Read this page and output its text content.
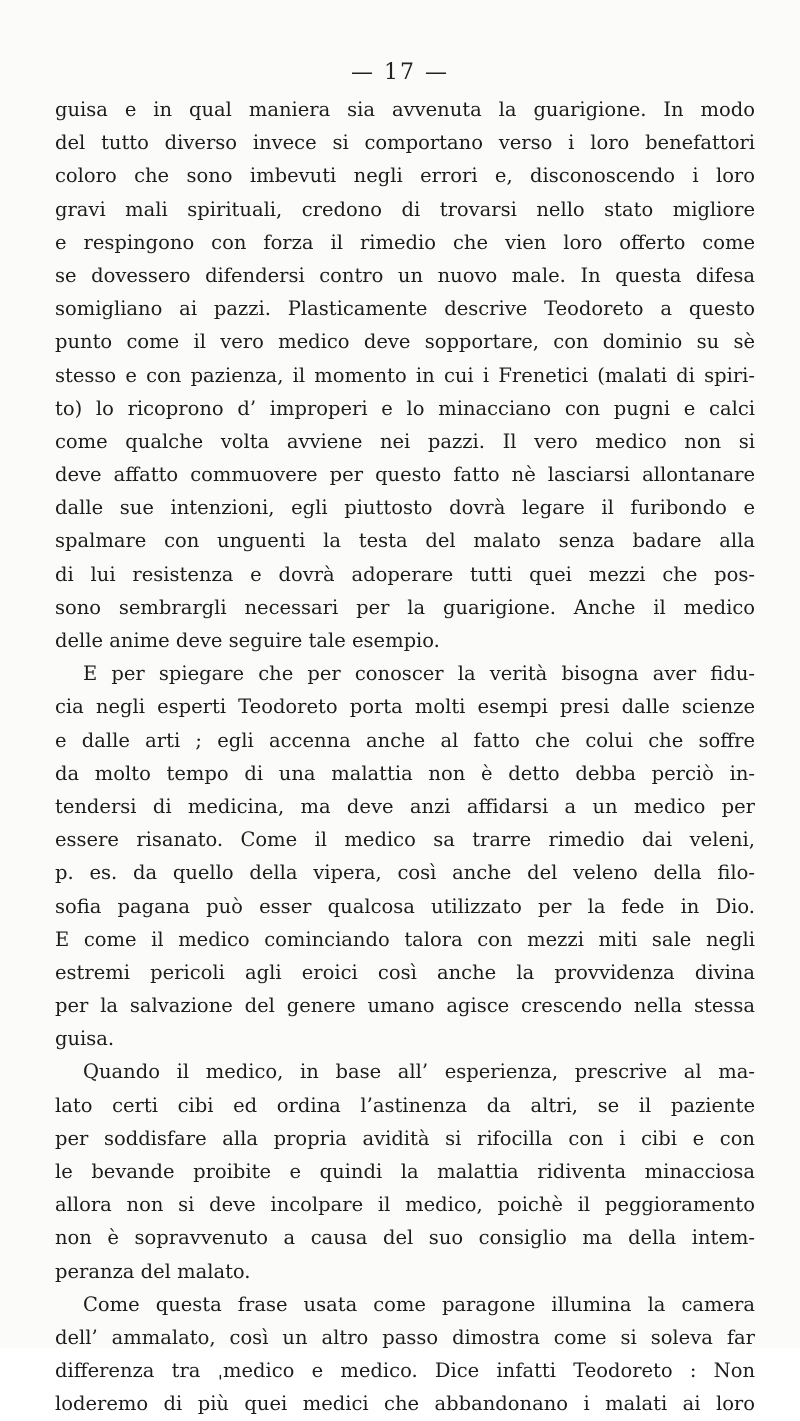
— 17 —
guisa e in qual maniera sia avvenuta la guarigione. In modo
del tutto diverso invece si comportano verso i loro benefattori
coloro che sono imbevuti negli errori e, disconoscendo i loro
gravi mali spirituali, credono di trovarsi nello stato migliore
e respingono con forza il rimedio che vien loro offerto come
se dovessero difendersi contro un nuovo male. In questa difesa
somigliano ai pazzi. Plasticamente descrive Teodoreto a questo
punto come il vero medico deve sopportare, con dominio su sè
stesso e con pazienza, il momento in cui i Frenetici (malati di spiri-
to) lo ricoprono d’ improperi e lo minacciano con pugni e calci
come qualche volta avviene nei pazzi. Il vero medico non si
deve affatto commuovere per questo fatto nè lasciarsi allontanare
dalle sue intenzioni, egli piuttosto dovrà legare il furibondo e
spalmare con unguenti la testa del malato senza badare alla
di lui resistenza e dovrà adoperare tutti quei mezzi che pos-
sono sembrargli necessari per la guarigione. Anche il medico
delle anime deve seguire tale esempio.
E per spiegare che per conoscer la verità bisogna aver fidu-
cia negli esperti Teodoreto porta molti esempi presi dalle scienze
e dalle arti ; egli accenna anche al fatto che colui che soffre
da molto tempo di una malattia non è detto debba perciò in-
tendersi di medicina, ma deve anzi affidarsi a un medico per
essere risanato. Come il medico sa trarre rimedio dai veleni,
p. es. da quello della vipera, così anche del veleno della filo-
sofia pagana può esser qualcosa utilizzato per la fede in Dio.
E come il medico cominciando talora con mezzi miti sale negli
estremi pericoli agli eroici così anche la provvidenza divina
per la salvazione del genere umano agisce crescendo nella stessa
guisa.
Quando il medico, in base all’ esperienza, prescrive al ma-
lato certi cibi ed ordina l’astinenza da altri, se il paziente
per soddisfare alla propria avidità si rifocilla con i cibi e con
le bevande proibite e quindi la malattia ridiventa minacciosa
allora non si deve incolpare il medico, poichè il peggioramento
non è sopravvenuto a causa del suo consiglio ma della intem-
peranza del malato.
Come questa frase usata come paragone illumina la camera
dell’ ammalato, così un altro passo dimostra come si soleva far
differenza tra ˌmedico e medico. Dice infatti Teodoreto : Non
loderemo di più quei medici che abbandonano i malati ai loro
